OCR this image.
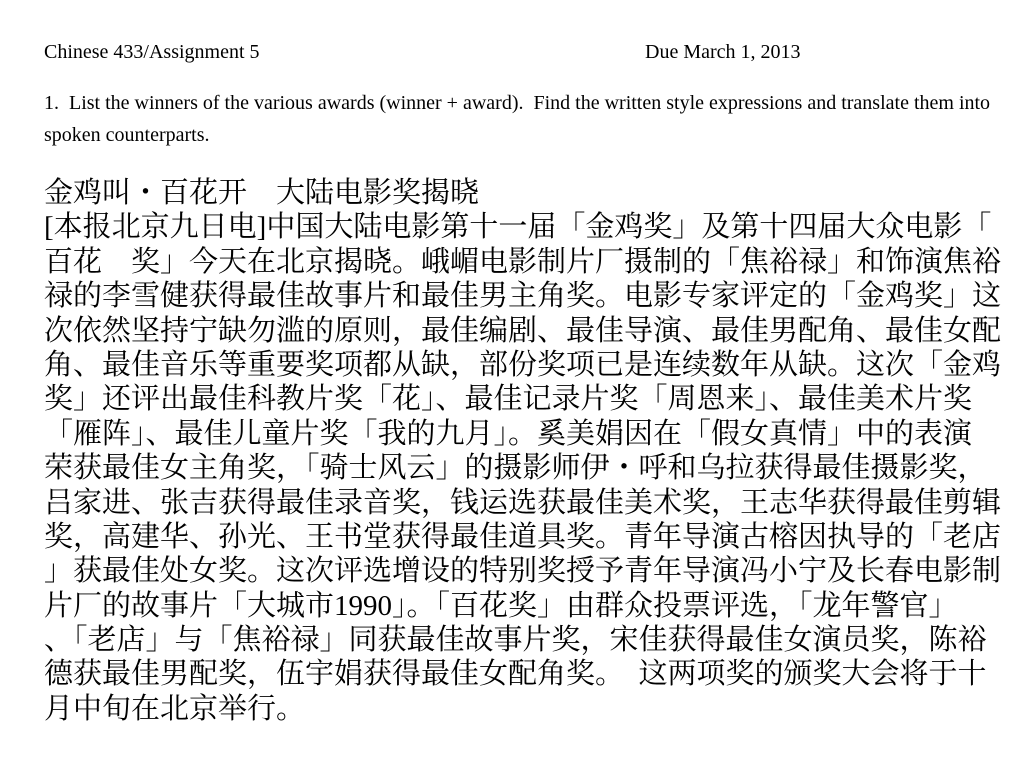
Chinese 433/Assignment 5

	Due March 1, 2013

1.  List the winners of the various awards (winner + award).  Find the written style expressions and translate them into
spoken counterparts.
金鸡叫・百花开　大陆电影奖揭晓
[本报北京九日电]中国大陆电影第十一届「金鸡奖」及第十四届大众电影「
百花　奖」今天在北京揭晓。峨嵋电影制片厂摄制的「焦裕禄」和饰演焦裕
禄的李雪健获得最佳故事片和最佳男主角奖。电影专家评定的「金鸡奖」这
次依然坚持宁缺勿滥的原则，最佳编剧、最佳导演、最佳男配角、最佳女配
角、最佳音乐等重要奖项都从缺，部份奖项已是连续数年从缺。这次「金鸡
奖」还评出最佳科教片奖「花」、最佳记录片奖「周恩来」、最佳美术片奖
「雁阵」、最佳儿童片奖「我的九月」。奚美娟因在「假女真情」中的表演
荣获最佳女主角奖，「骑士风云」的摄影师伊・呼和乌拉获得最佳摄影奖，
吕家进、张吉获得最佳录音奖，钱运选获最佳美术奖，王志华获得最佳剪辑
奖，高建华、孙光、王书堂获得最佳道具奖。青年导演古榕因执导的「老店
」获最佳处女奖。这次评选增设的特别奖授予青年导演冯小宁及长春电影制
片厂的故事片「大城市1990」。「百花奖」由群众投票评选，「龙年警官」
、「老店」与「焦裕禄」同获最佳故事片奖，宋佳获得最佳女演员奖，陈裕
德获最佳男配奖，伍宇娟获得最佳女配角奖。　这两项奖的颁奖大会将于十
月中旬在北京举行。
